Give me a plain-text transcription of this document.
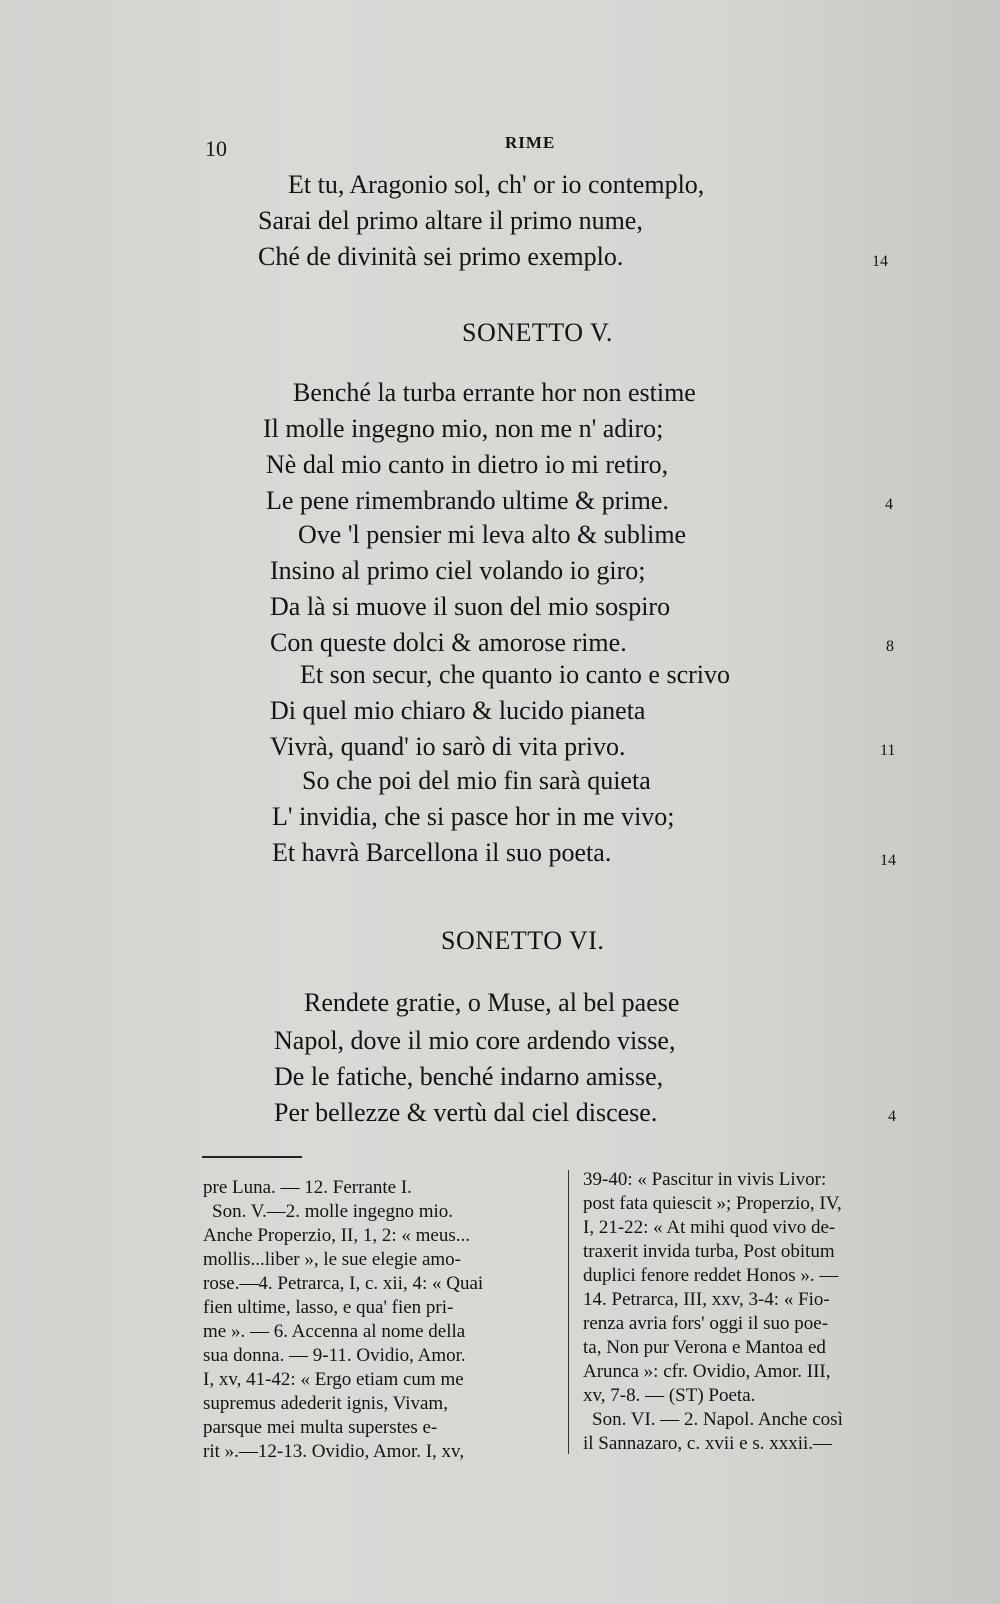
10	RIME
Et tu, Aragonio sol, ch' or io contemplo,
Sarai del primo altare il primo nume,
Ché de divinità sei primo exemplo.	14
SONETTO V.
Benché la turba errante hor non estime
Il molle ingegno mio, non me n' adiro;
Nè dal mio canto in dietro io mi retiro,
Le pene rimembrando ultime & prime.	4
Ove 'l pensier mi leva alto & sublime
Insino al primo ciel volando io giro;
Da là si muove il suon del mio sospiro
Con queste dolci & amorose rime.	8
Et son secur, che quanto io canto e scrivo
Di quel mio chiaro & lucido pianeta
Vivrà, quand' io sarò di vita privo.	11
So che poi del mio fin sarà quieta
L' invidia, che si pasce hor in me vivo;
Et havrà Barcellona il suo poeta.	14
SONETTO VI.
Rendete gratie, o Muse, al bel paese
Napol, dove il mio core ardendo visse,
De le fatiche, benché indarno amisse,
Per bellezze & vertù dal ciel discese.	4
pre Luna. — 12. Ferrante I.
Son. V.—2. molle ingegno mio.
Anche Properzio, II, 1, 2: « meus...
mollis...liber », le sue elegie amo-
rose.—4. Petrarca, I, c. xii, 4: « Quai
fien ultime, lasso, e qua' fien pri-
me ». — 6. Accenna al nome della
sua donna. — 9-11. Ovidio, Amor.
I, xv, 41-42: « Ergo etiam cum me
supremus adederit ignis, Vivam,
parsque mei multa superstes e-
rit ».—12-13. Ovidio, Amor. I, xv,
39-40: « Pascitur in vivis Livor:
post fata quiescit »; Properzio, IV,
I, 21-22: « At mihi quod vivo de-
traxerit invida turba, Post obitum
duplici fenore reddet Honos ». —
14. Petrarca, III, xxv, 3-4: « Fio-
renza avria fors' oggi il suo poe-
ta, Non pur Verona e Mantoa ed
Arunca »: cfr. Ovidio, Amor. III,
xv, 7-8. — (ST) Poeta.
Son. VI. — 2. Napol. Anche così
il Sannazaro, c. xvii e s. xxxii.—
